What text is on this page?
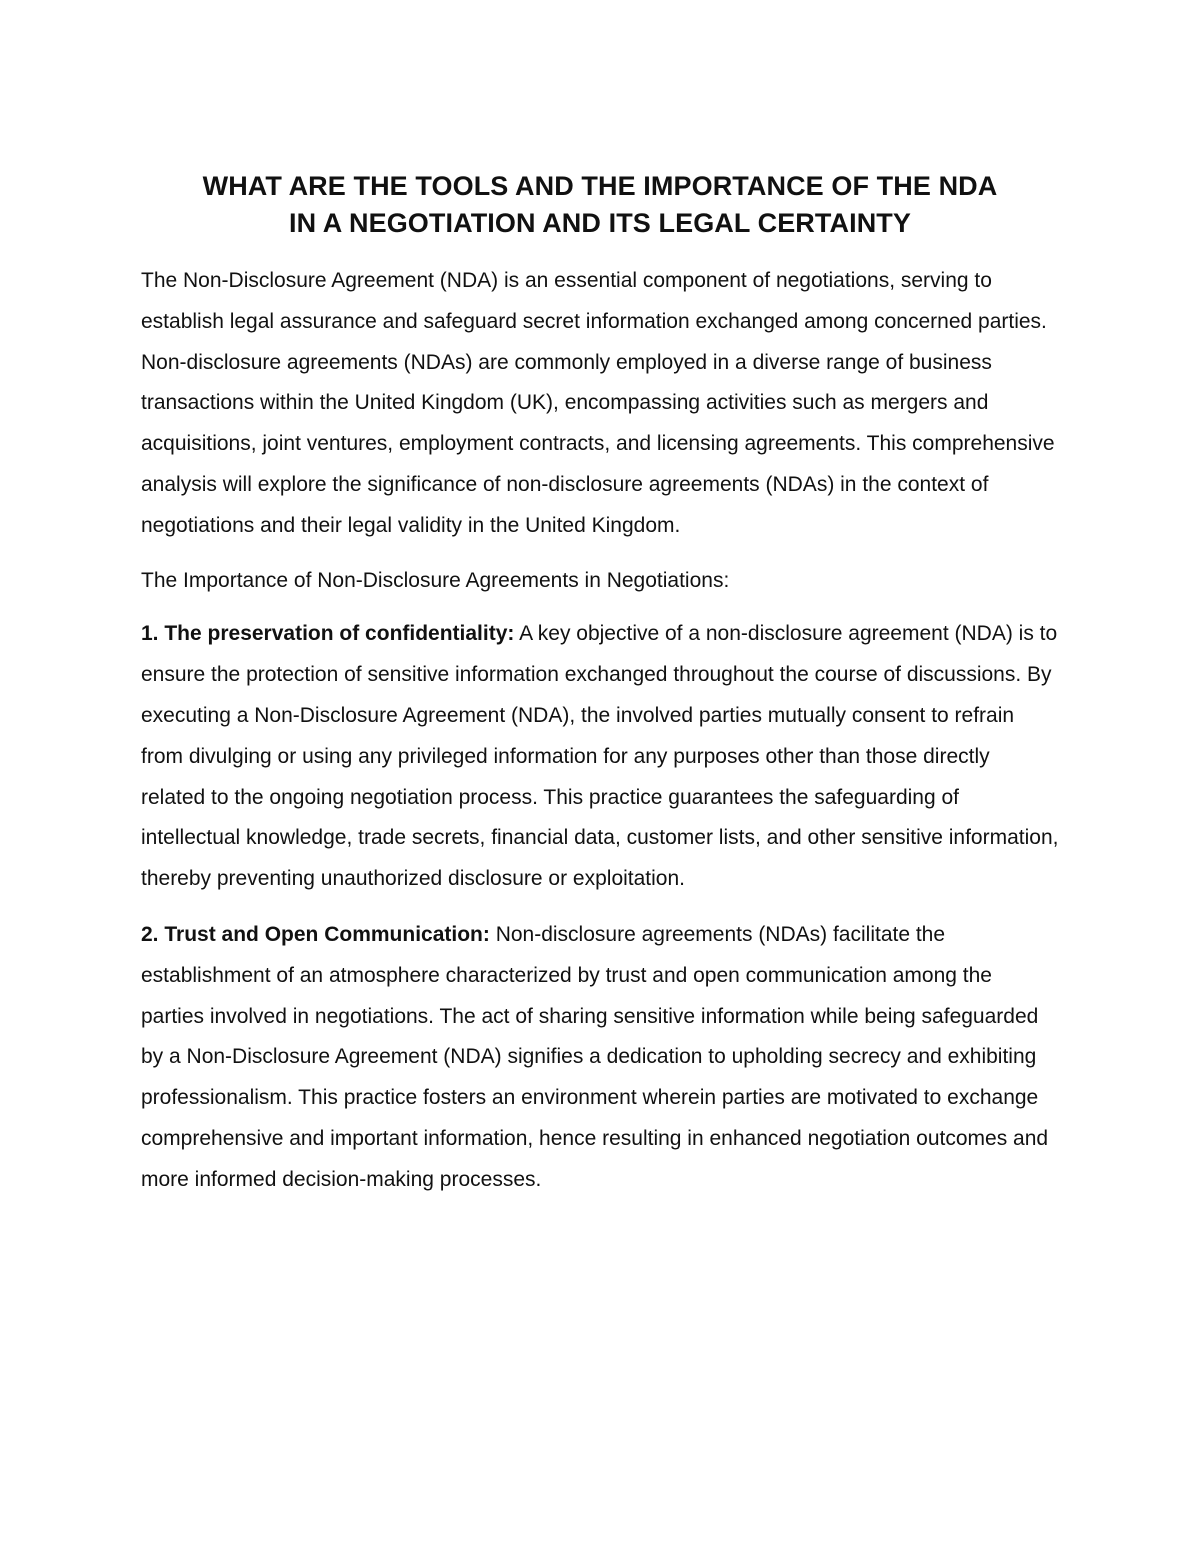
WHAT ARE THE TOOLS AND THE IMPORTANCE OF THE NDA
IN A NEGOTIATION AND ITS LEGAL CERTAINTY

The Non-Disclosure Agreement (NDA) is an essential component of negotiations, serving to establish legal assurance and safeguard secret information exchanged among concerned parties. Non-disclosure agreements (NDAs) are commonly employed in a diverse range of business transactions within the United Kingdom (UK), encompassing activities such as mergers and acquisitions, joint ventures, employment contracts, and licensing agreements. This comprehensive analysis will explore the significance of non-disclosure agreements (NDAs) in the context of negotiations and their legal validity in the United Kingdom.

The Importance of Non-Disclosure Agreements in Negotiations:

1. The preservation of confidentiality: A key objective of a non-disclosure agreement (NDA) is to ensure the protection of sensitive information exchanged throughout the course of discussions. By executing a Non-Disclosure Agreement (NDA), the involved parties mutually consent to refrain from divulging or using any privileged information for any purposes other than those directly related to the ongoing negotiation process. This practice guarantees the safeguarding of intellectual knowledge, trade secrets, financial data, customer lists, and other sensitive information, thereby preventing unauthorized disclosure or exploitation.

2. Trust and Open Communication: Non-disclosure agreements (NDAs) facilitate the establishment of an atmosphere characterized by trust and open communication among the parties involved in negotiations. The act of sharing sensitive information while being safeguarded by a Non-Disclosure Agreement (NDA) signifies a dedication to upholding secrecy and exhibiting professionalism. This practice fosters an environment wherein parties are motivated to exchange comprehensive and important information, hence resulting in enhanced negotiation outcomes and more informed decision-making processes.
